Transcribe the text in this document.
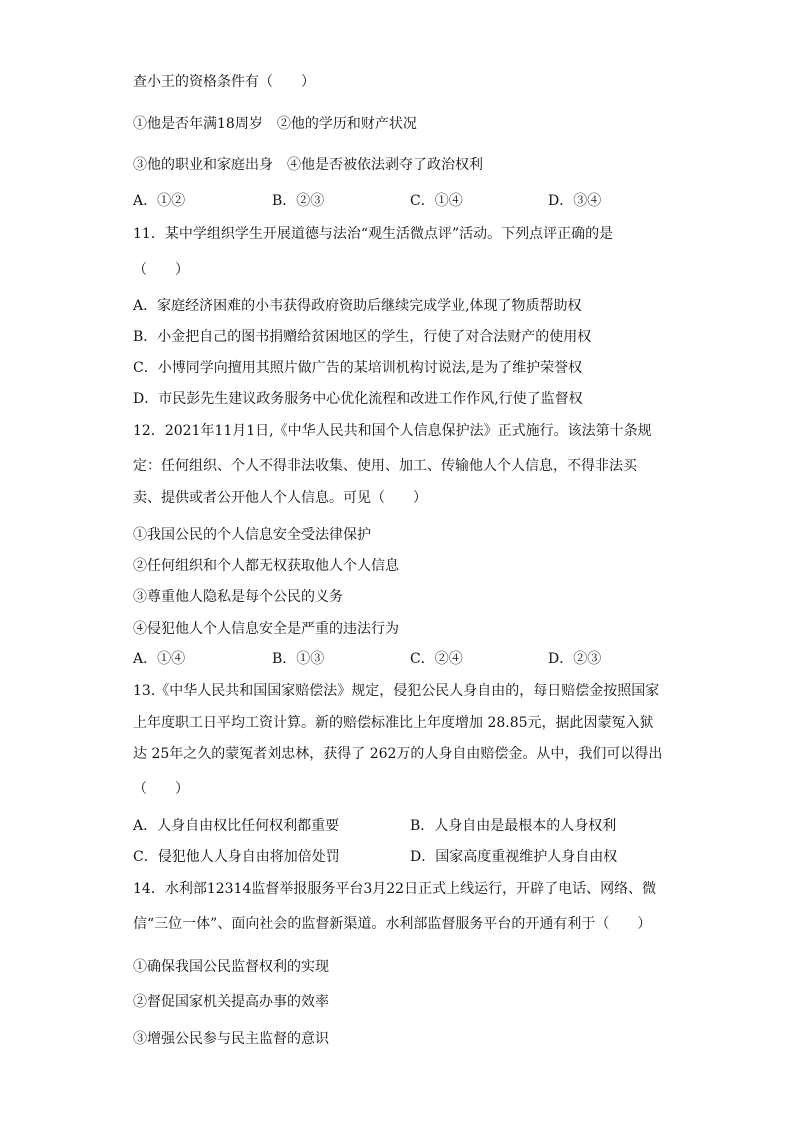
查小王的资格条件有（　　）
①他是否年满18周岁　②他的学历和财产状况
③他的职业和家庭出身　④他是否被依法剥夺了政治权利
A．①②	B．②③	C．①④	D．③④
11．某中学组织学生开展道德与法治“观生活微点评”活动。下列点评正确的是
（　　）
A．家庭经济困难的小韦获得政府资助后继续完成学业,体现了物质帮助权
B．小金把自己的图书捐赠给贫困地区的学生，行使了对合法财产的使用权
C．小博同学向擅用其照片做广告的某培训机构讨说法,是为了维护荣誉权
D．市民彭先生建议政务服务中心优化流程和改进工作作风,行使了监督权
12．2021年11月1日,《中华人民共和国个人信息保护法》正式施行。该法第十条规
定：任何组织、个人不得非法收集、使用、加工、传输他人个人信息，不得非法买
卖、提供或者公开他人个人信息。可见（　　）
①我国公民的个人信息安全受法律保护
②任何组织和个人都无权获取他人个人信息
③尊重他人隐私是每个公民的义务
④侵犯他人个人信息安全是严重的违法行为
A．①④	B．①③	C．②④	D．②③
13.《中华人民共和国国家赔偿法》规定，侵犯公民人身自由的，每日赔偿金按照国家
上年度职工日平均工资计算。新的赔偿标准比上年度增加 28.85元，据此因蒙冤入狱
达 25年之久的蒙冤者刘忠林，获得了 262万的人身自由赔偿金。从中，我们可以得出
（　　）
A．人身自由权比任何权利都重要	B．人身自由是最根本的人身权利
C．侵犯他人人身自由将加倍处罚	D．国家高度重视维护人身自由权
14．水利部12314监督举报服务平台3月22日正式上线运行，开辟了电话、网络、微
信“三位一体”、面向社会的监督新渠道。水利部监督服务平台的开通有利于（　　）
①确保我国公民监督权利的实现
②督促国家机关提高办事的效率
③增强公民参与民主监督的意识
